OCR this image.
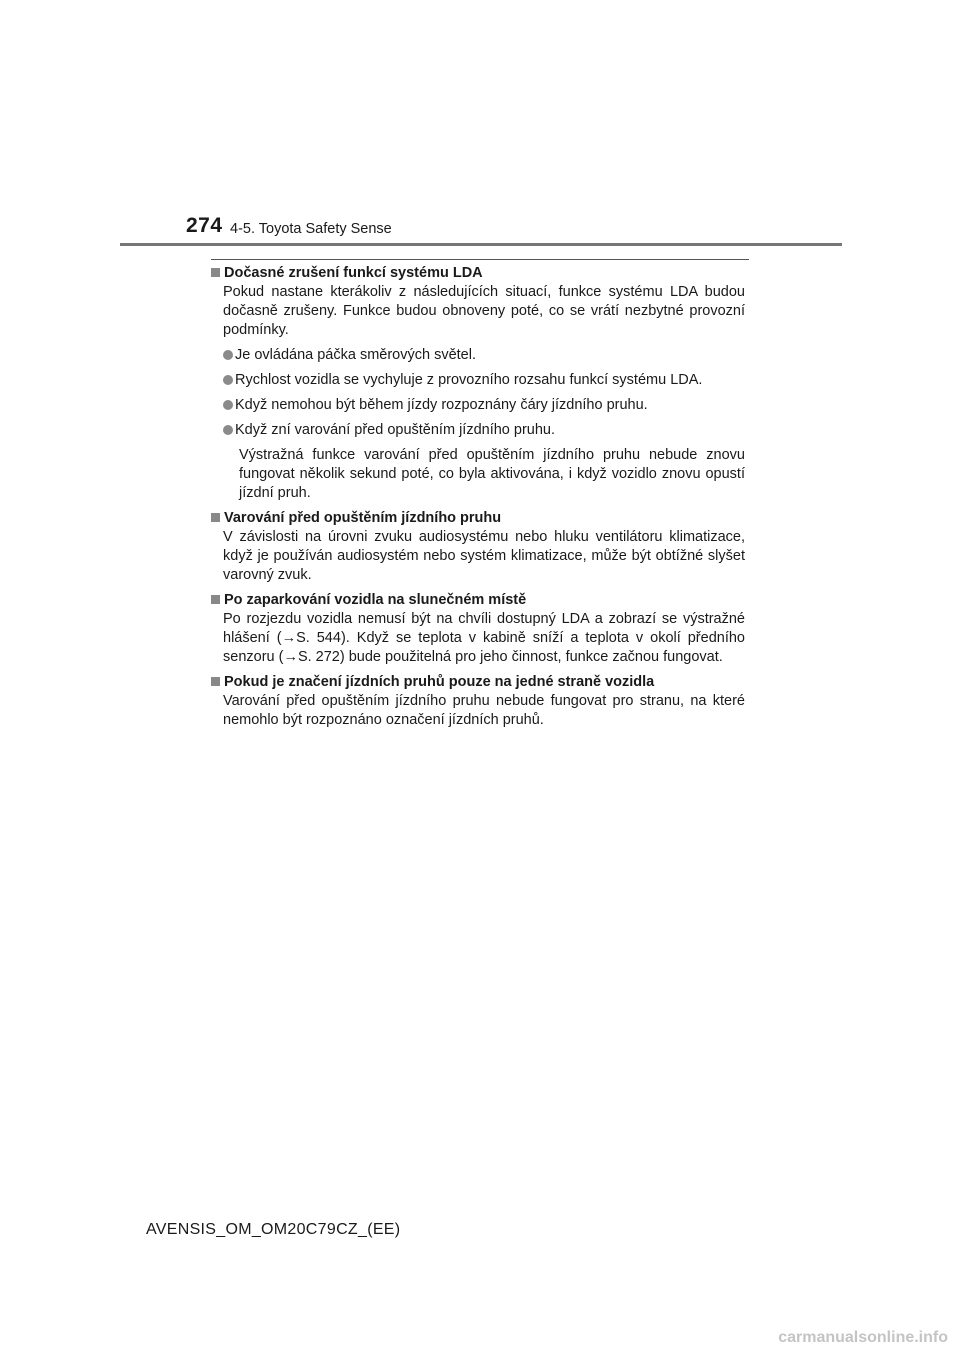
274 4-5. Toyota Safety Sense
Dočasné zrušení funkcí systému LDA
Pokud nastane kterákoliv z následujících situací, funkce systému LDA budou dočasně zrušeny. Funkce budou obnoveny poté, co se vrátí nezbytné provozní podmínky.
Je ovládána páčka směrových světel.
Rychlost vozidla se vychyluje z provozního rozsahu funkcí systému LDA.
Když nemohou být během jízdy rozpoznány čáry jízdního pruhu.
Když zní varování před opuštěním jízdního pruhu.
Výstražná funkce varování před opuštěním jízdního pruhu nebude znovu fungovat několik sekund poté, co byla aktivována, i když vozidlo znovu opustí jízdní pruh.
Varování před opuštěním jízdního pruhu
V závislosti na úrovni zvuku audiosystému nebo hluku ventilátoru klimatizace, když je používán audiosystém nebo systém klimatizace, může být obtížné slyšet varovný zvuk.
Po zaparkování vozidla na slunečném místě
Po rozjezdu vozidla nemusí být na chvíli dostupný LDA a zobrazí se výstražné hlášení (→S. 544). Když se teplota v kabině sníží a teplota v okolí předního senzoru (→S. 272) bude použitelná pro jeho činnost, funkce začnou fungovat.
Pokud je značení jízdních pruhů pouze na jedné straně vozidla
Varování před opuštěním jízdního pruhu nebude fungovat pro stranu, na které nemohlo být rozpoznáno označení jízdních pruhů.
AVENSIS_OM_OM20C79CZ_(EE)
carmanualsonline.info
